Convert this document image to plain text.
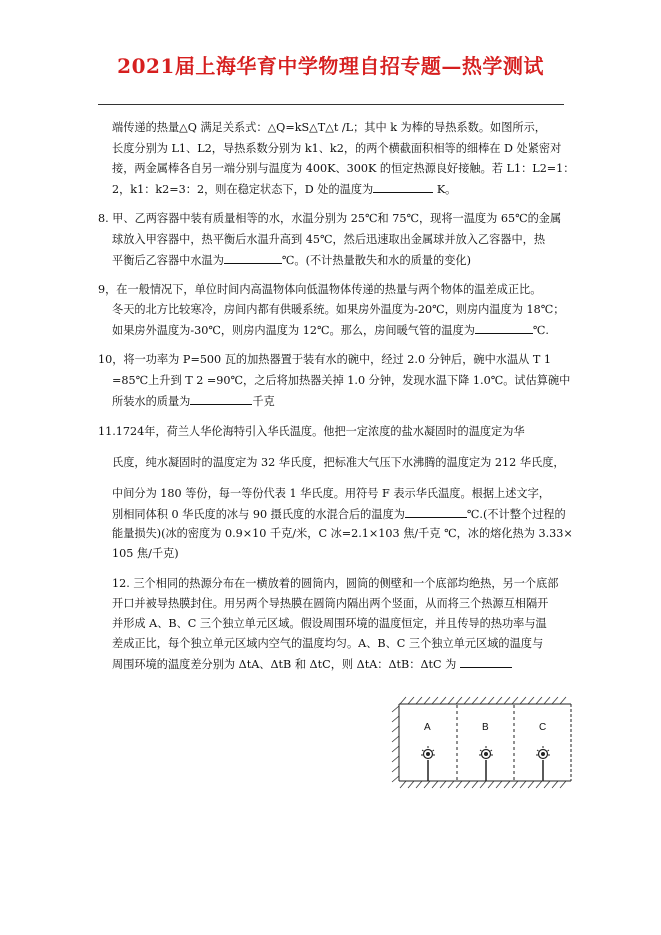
2021届上海华育中学物理自招专题—热学测试
端传递的热量△Q 满足关系式：△Q=kS△T△t /L；其中 k 为棒的导热系数。如图所示，
长度分别为 L1、L2，导热系数分别为 k1、k2，的两个横截面积相等的细棒在 D 处紧密对
接，两金属棒各自另一端分别与温度为 400K、300K 的恒定热源良好接触。若 L1：L2=1：
2，k1：k2=3：2，则在稳定状态下，D 处的温度为	K。
8. 甲、乙两容器中装有质量相等的水，水温分别为 25℃和 75℃，现将一温度为 65℃的金属
球放入甲容器中，热平衡后水温升高到 45℃，然后迅速取出金属球并放入乙容器中，热
平衡后乙容器中水温为	℃。(不计热量散失和水的质量的变化)
9，在一般情况下，单位时间内高温物体向低温物体传递的热量与两个物体的温差成正比。
冬天的北方比较寒冷，房间内都有供暖系统。如果房外温度为-20℃，则房内温度为 18℃；
如果房外温度为-30℃，则房内温度为 12℃。那么，房间暖气管的温度为	℃.
10，将一功率为 P=500 瓦的加热器置于装有水的碗中，经过 2.0 分钟后，碗中水温从 T 1
=85℃上升到 T 2 =90℃，之后将加热器关掉 1.0 分钟，发现水温下降 1.0℃。试估算碗中
所装水的质量为	千克
11.1724年，荷兰人华伦海特引入华氏温度。他把一定浓度的盐水凝固时的温度定为华
氏度，纯水凝固时的温度定为 32 华氏度，把标准大气压下水沸腾的温度定为 212 华氏度，
中间分为 180 等份，每一等份代表 1 华氏度。用符号 F 表示华氏温度。根据上述文字，
別相同体积 0 华氏度的冰与 90 摄氏度的水混合后的温度为	℃.(不计整个过程的
能量损失)(冰的密度为 0.9×10 千克/米，C 冰=2.1×103 焦/千克 ℃，冰的熔化热为 3.33×
105 焦/千克)
12. 三个相同的热源分布在一横放着的圆筒内，圆筒的侧壁和一个底部均绝热，另一个底部
开口并被导热膜封住。用另两个导热膜在圆筒内隔出两个竖面，从而将三个热源互相隔开
并形成 A、B、C 三个独立单元区域。假设周围环境的温度恒定，并且传导的热功率与温
差成正比，每个独立单元区域内空气的温度均匀。A、B、C 三个独立单元区域的温度与
周围环境的温度差分别为 ΔtA、ΔtB 和 ΔtC，则 ΔtA：ΔtB：ΔtC 为
A	B	C
